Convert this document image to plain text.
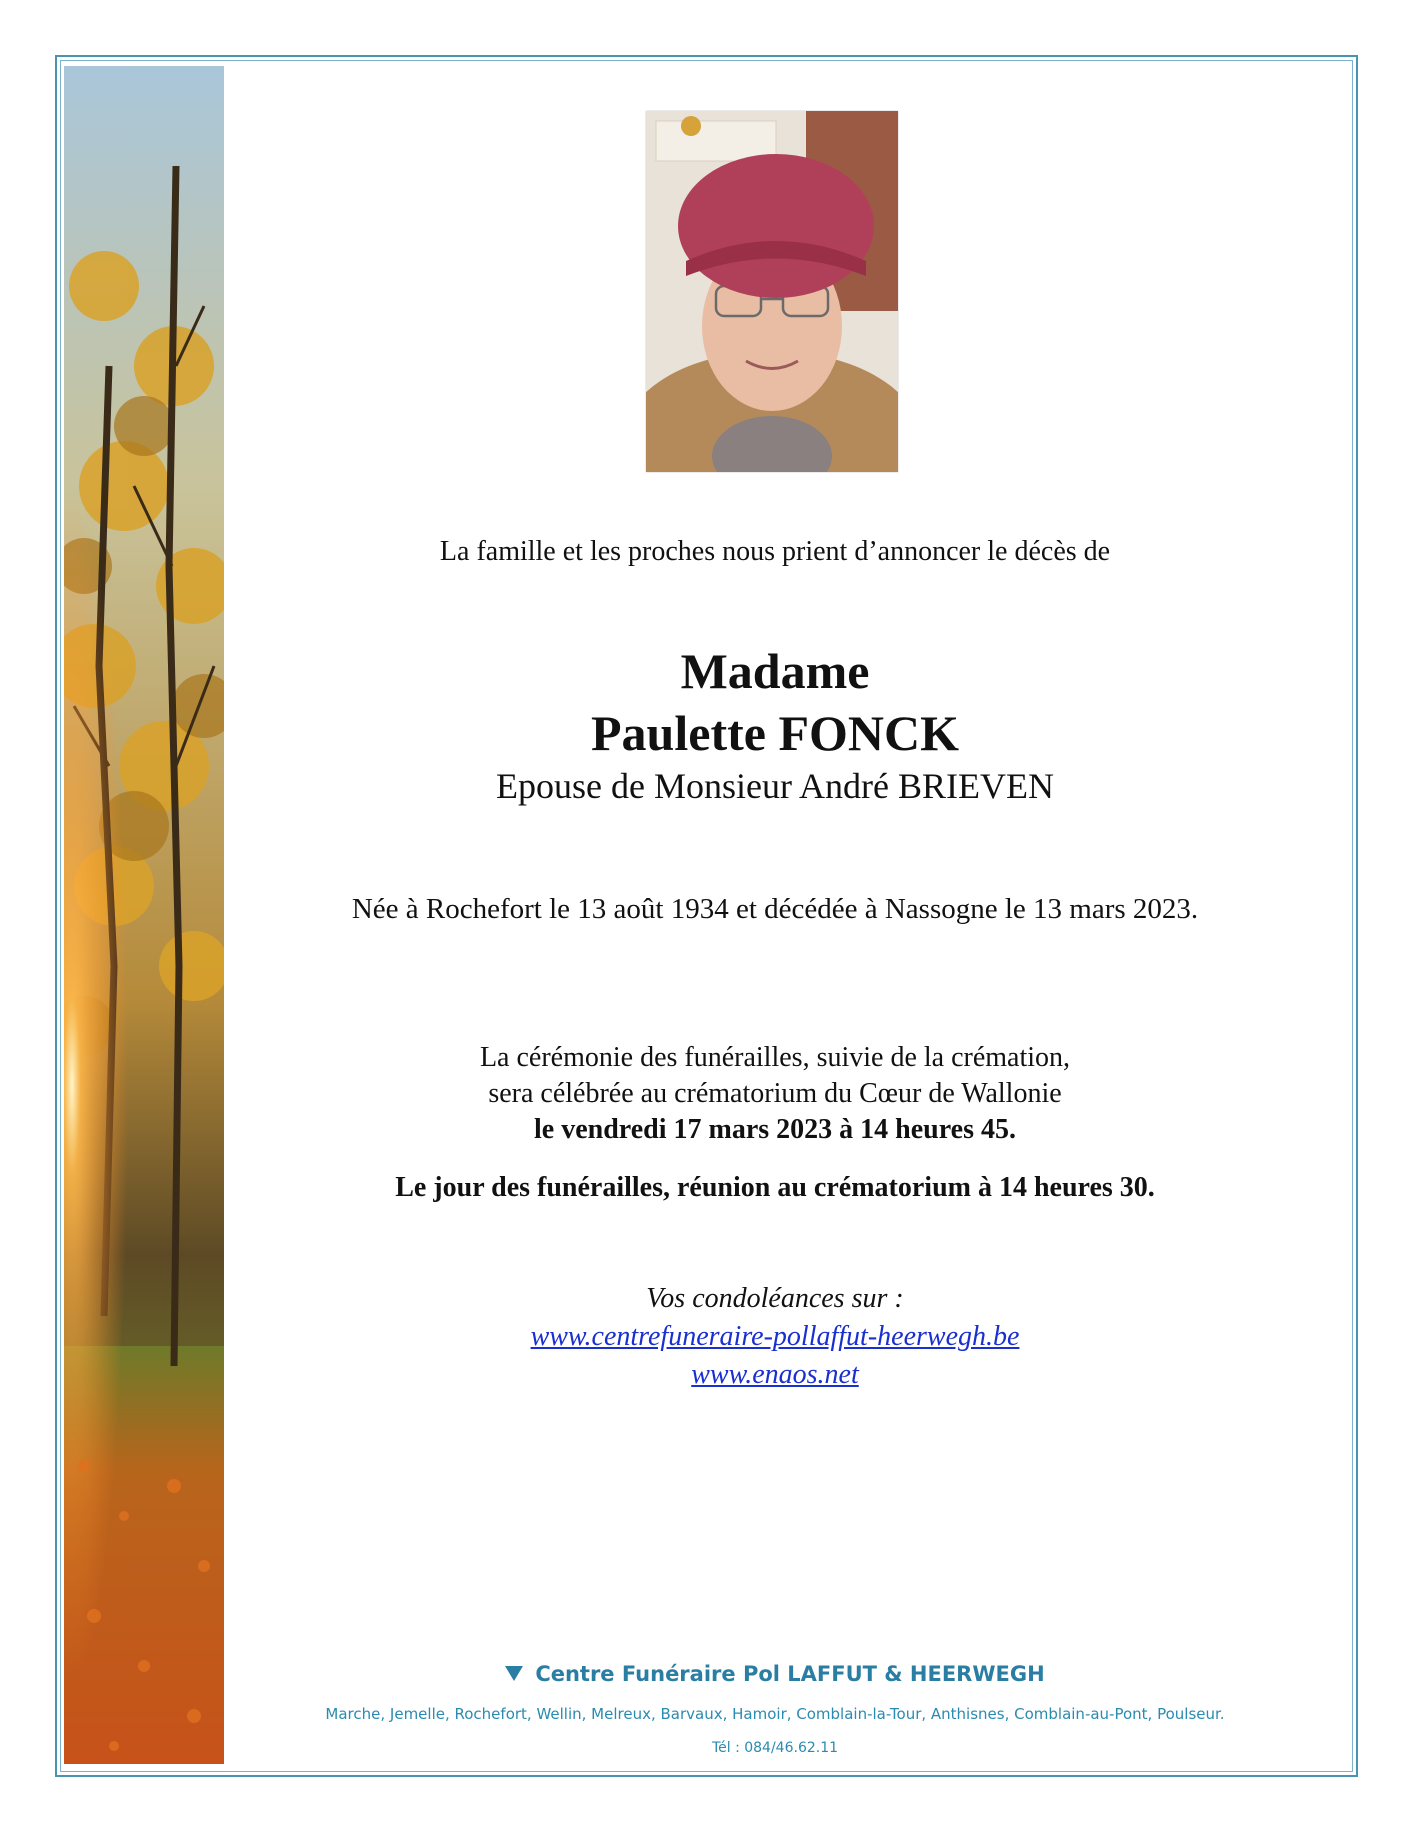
La famille et les proches nous prient d’annoncer le décès de
Madame
Paulette FONCK
Epouse de Monsieur André BRIEVEN
Née à Rochefort le 13 août 1934 et décédée à Nassogne le 13 mars 2023.
La cérémonie des funérailles, suivie de la crémation,
sera célébrée au crématorium du Cœur de Wallonie
le vendredi 17 mars 2023 à 14 heures 45.
Le jour des funérailles, réunion au crématorium à 14 heures 30.
Vos condoléances sur :
www.centrefuneraire-pollaffut-heerwegh.be
www.enaos.net
Centre Funéraire Pol LAFFUT & HEERWEGH
Marche, Jemelle, Rochefort, Wellin, Melreux, Barvaux, Hamoir, Comblain-la-Tour, Anthisnes, Comblain-au-Pont, Poulseur.
Tél : 084/46.62.11
